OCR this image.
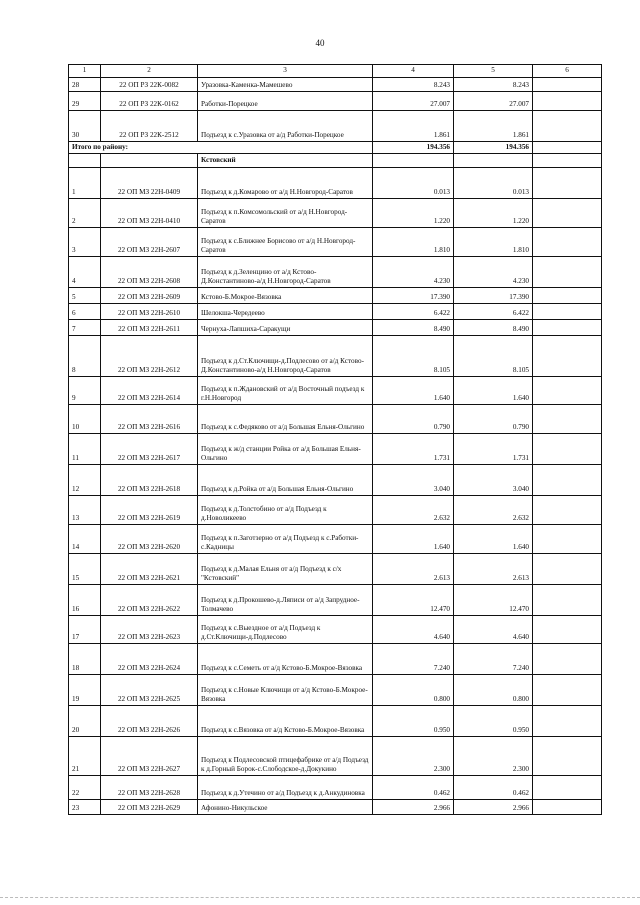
40
1	2	3	4	5	6
28	22 ОП РЗ 22К-0082	Уразовка-Каменка-Мамешево	8.243	8.243	
29	22 ОП РЗ 22К-0162	Работки-Порецкое	27.007	27.007	
30	22 ОП РЗ 22К-2512	Подъезд к с.Уразовка от а/д Работки-Порецкое	1.861	1.861	
Итого по району:			194.356	194.356	
		Кстовский			
1	22 ОП МЗ 22Н-0409	Подъезд к д.Комарово от а/д Н.Новгород-Саратов	0.013	0.013	
2	22 ОП МЗ 22Н-0410	Подъезд к п.Комсомольский от а/д Н.Новгород-Саратов	1.220	1.220	
3	22 ОП МЗ 22Н-2607	Подъезд к с.Ближнее Борисово от а/д Н.Новгород-Саратов	1.810	1.810	
4	22 ОП МЗ 22Н-2608	Подъезд к д.Зеленцино от а/д Кстово-Д.Константиново-а/д Н.Новгород-Саратов	4.230	4.230	
5	22 ОП МЗ 22Н-2609	Кстово-Б.Мокрое-Вязовка	17.390	17.390	
6	22 ОП МЗ 22Н-2610	Шелокша-Чередеево	6.422	6.422	
7	22 ОП МЗ 22Н-2611	Чернуха-Лапшиха-Саракущи	8.490	8.490	
8	22 ОП МЗ 22Н-2612	Подъезд к д.Ст.Ключищи-д.Подлесово от а/д Кстово-Д.Константиново-а/д Н.Новгород-Саратов	8.105	8.105	
9	22 ОП МЗ 22Н-2614	Подъезд к п.Ждановский от а/д Восточный подъезд к г.Н.Новгород	1.640	1.640	
10	22 ОП МЗ 22Н-2616	Подъезд к с.Федяково от а/д Большая Ельня-Ольгино	0.790	0.790	
11	22 ОП МЗ 22Н-2617	Подъезд к ж/д станции Ройка от а/д Большая Ельня-Ольгино	1.731	1.731	
12	22 ОП МЗ 22Н-2618	Подъезд к д.Ройка от а/д Большая Ельня-Ольгино	3.040	3.040	
13	22 ОП МЗ 22Н-2619	Подъезд к д.Толстобино от а/д Подъезд к д.Новоликеево	2.632	2.632	
14	22 ОП МЗ 22Н-2620	Подъезд к п.Заготзерно от а/д Подъезд к с.Работки-с.Кадницы	1.640	1.640	
15	22 ОП МЗ 22Н-2621	Подъезд к д.Малая Ельня от а/д Подъезд к с/х "Кстовский"	2.613	2.613	
16	22 ОП МЗ 22Н-2622	Подъезд к д.Прокошево-д.Ляписи от а/д Запрудное-Толмачево	12.470	12.470	
17	22 ОП МЗ 22Н-2623	Подъезд к с.Выездное от а/д Подъезд к д.Ст.Ключищи-д.Подлесово	4.640	4.640	
18	22 ОП МЗ 22Н-2624	Подъезд к с.Семеть от а/д Кстово-Б.Мокрое-Вязовка	7.240	7.240	
19	22 ОП МЗ 22Н-2625	Подъезд к с.Новые Ключищи от а/д Кстово-Б.Мокрое-Вязовка	0.800	0.800	
20	22 ОП МЗ 22Н-2626	Подъезд к с.Вязовка от а/д Кстово-Б.Мокрое-Вязовка	0.950	0.950	
21	22 ОП МЗ 22Н-2627	Подъезд к Подлесовской птицефабрике от а/д Подъезд к д.Горный Борок-с.Слободское-д.Докукино	2.300	2.300	
22	22 ОП МЗ 22Н-2628	Подъезд к д.Утечино от а/д Подъезд к д.Анкудиновка	0.462	0.462	
23	22 ОП МЗ 22Н-2629	Афонино-Никульское	2.966	2.966	
